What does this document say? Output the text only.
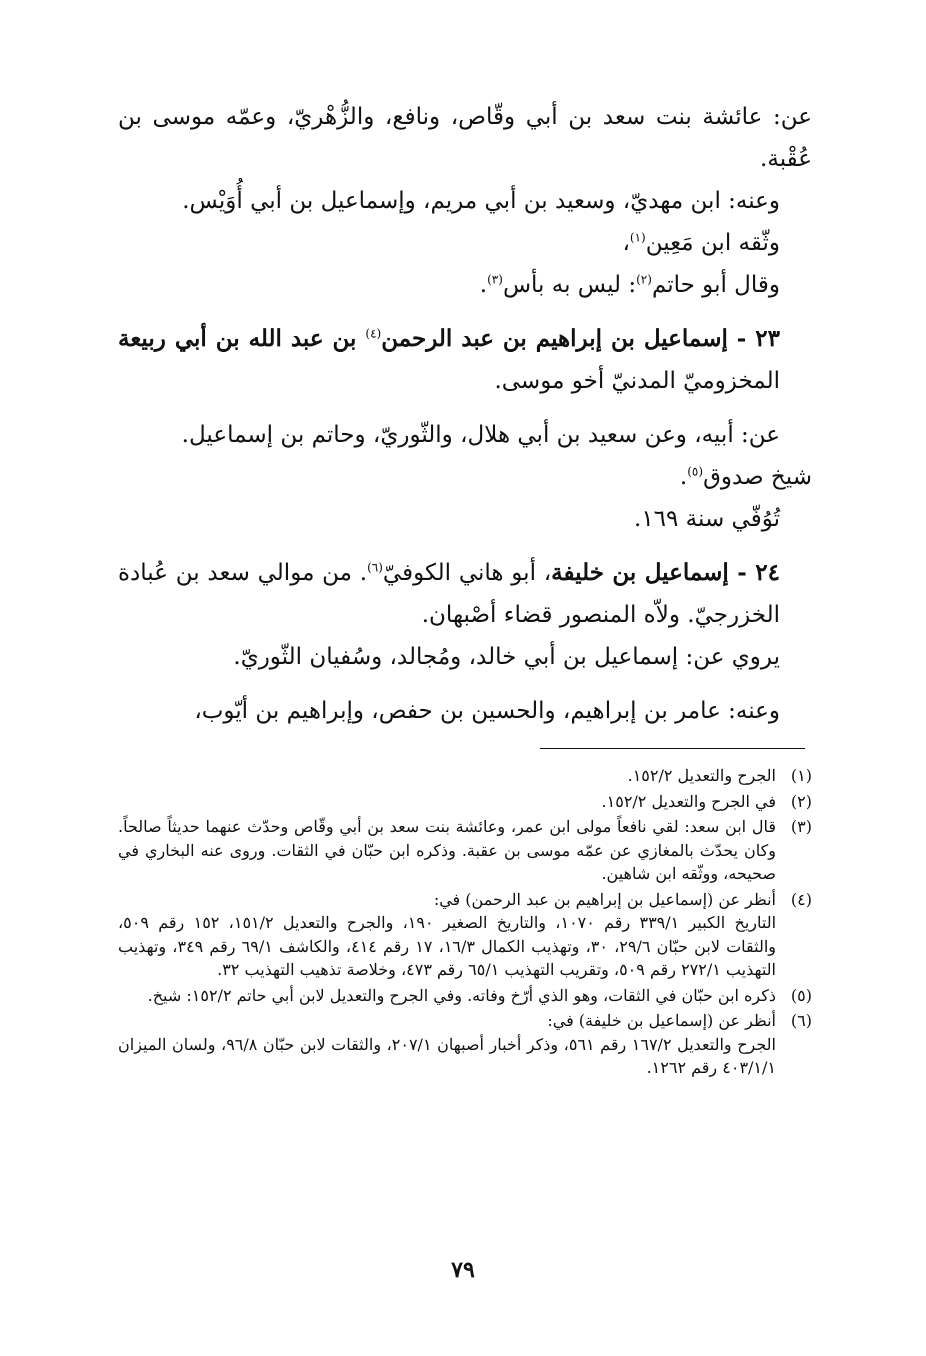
عن: عائشة بنت سعد بن أبي وقّاص، ونافع، والزُّهْريّ، وعمّه موسى بن عُقْبة.

وعنه: ابن مهديّ، وسعيد بن أبي مريم، وإسماعيل بن أبي أُوَيْس.

وثّقه ابن مَعِين$^{(١)}$،

وقال أبو حاتم$^{(٢)}$: ليس به بأس$^{(٣)}$.

٢٣ - إسماعيل بن إبراهيم بن عبد الرحمن$^{(٤)}$ بن عبد الله بن أبي ربيعة المخزوميّ المدنيّ أخو موسى.

عن: أبيه، وعن سعيد بن أبي هلال، والثّوريّ، وحاتم بن إسماعيل.

شيخ صدوق$^{(٥)}$.

تُوُفّي سنة ١٦٩.

٢٤ - إسماعيل بن خليفة، أبو هاني الكوفيّ$^{(٦)}$. من موالي سعد بن عُبادة الخزرجيّ. ولاّه المنصور قضاء أصْبهان.

يروي عن: إسماعيل بن أبي خالد، ومُجالد، وسُفيان الثّوريّ.

وعنه: عامر بن إبراهيم، والحسين بن حفص، وإبراهيم بن أيّوب،

(١)

الجرح والتعديل ١٥٢/٢.

(٢)

في الجرح والتعديل ١٥٢/٢.

(٣)

قال ابن سعد: لقي نافعاً مولى ابن عمر، وعائشة بنت سعد بن أبي وقّاص وحدّث عنهما حديثاً صالحاً. وكان يحدّث بالمغازي عن عمّه موسى بن عقبة. وذكره ابن حبّان في الثقات. وروى عنه البخاري في صحيحه، ووثّقه ابن شاهين.

(٤)

أنظر عن (إسماعيل بن إبراهيم بن عبد الرحمن) في:

التاريخ الكبير ٣٣٩/١ رقم ١٠٧٠، والتاريخ الصغير ١٩٠، والجرح والتعديل ١٥١/٢، ١٥٢ رقم ٥٠٩، والثقات لابن حبّان ٢٩/٦، ٣٠، وتهذيب الكمال ١٦/٣، ١٧ رقم ٤١٤، والكاشف ٦٩/١ رقم ٣٤٩، وتهذيب التهذيب ٢٧٢/١ رقم ٥٠٩، وتقريب التهذيب ٦٥/١ رقم ٤٧٣، وخلاصة تذهيب التهذيب ٣٢.

(٥)

ذكره ابن حبّان في الثقات، وهو الذي أرّخ وفاته. وفي الجرح والتعديل لابن أبي حاتم ١٥٢/٢: شيخ.

(٦)

أنظر عن (إسماعيل بن خليفة) في:

الجرح والتعديل ١٦٧/٢ رقم ٥٦١، وذكر أخبار أصبهان ٢٠٧/١، والثقات لابن حبّان ٩٦/٨، ولسان الميزان ٤٠٣/١/١ رقم ١٢٦٢.

٧٩
